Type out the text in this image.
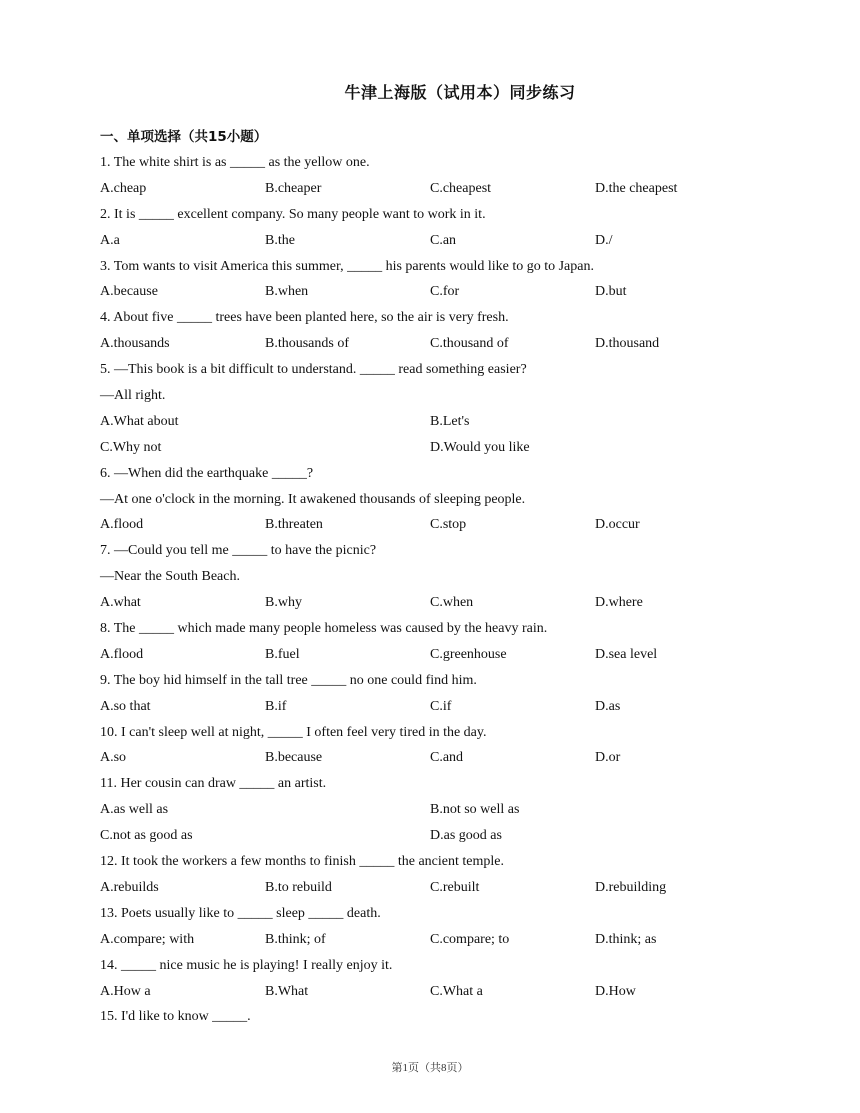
牛津上海版（试用本）同步练习
一、单项选择（共15小题）
1. The white shirt is as _____ as the yellow one.
A.cheap	B.cheaper	C.cheapest	D.the cheapest
2. It is _____ excellent company. So many people want to work in it.
A.a	B.the	C.an	D./
3. Tom wants to visit America this summer, _____ his parents would like to go to Japan.
A.because	B.when	C.for	D.but
4. About five _____ trees have been planted here, so the air is very fresh.
A.thousands	B.thousands of	C.thousand of	D.thousand
5. —This book is a bit difficult to understand. _____ read something easier?
—All right.
A.What about	B.Let's
C.Why not	D.Would you like
6. —When did the earthquake _____?
—At one o'clock in the morning. It awakened thousands of sleeping people.
A.flood	B.threaten	C.stop	D.occur
7. —Could you tell me _____ to have the picnic?
—Near the South Beach.
A.what	B.why	C.when	D.where
8. The _____ which made many people homeless was caused by the heavy rain.
A.flood	B.fuel	C.greenhouse	D.sea level
9. The boy hid himself in the tall tree _____ no one could find him.
A.so that	B.if	C.if	D.as
10. I can't sleep well at night, _____ I often feel very tired in the day.
A.so	B.because	C.and	D.or
11. Her cousin can draw _____ an artist.
A.as well as	B.not so well as
C.not as good as	D.as good as
12. It took the workers a few months to finish _____ the ancient temple.
A.rebuilds	B.to rebuild	C.rebuilt	D.rebuilding
13. Poets usually like to _____ sleep _____ death.
A.compare; with	B.think; of	C.compare; to	D.think; as
14. _____ nice music he is playing! I really enjoy it.
A.How a	B.What	C.What a	D.How
15. I'd like to know _____.
第1页（共8页）
